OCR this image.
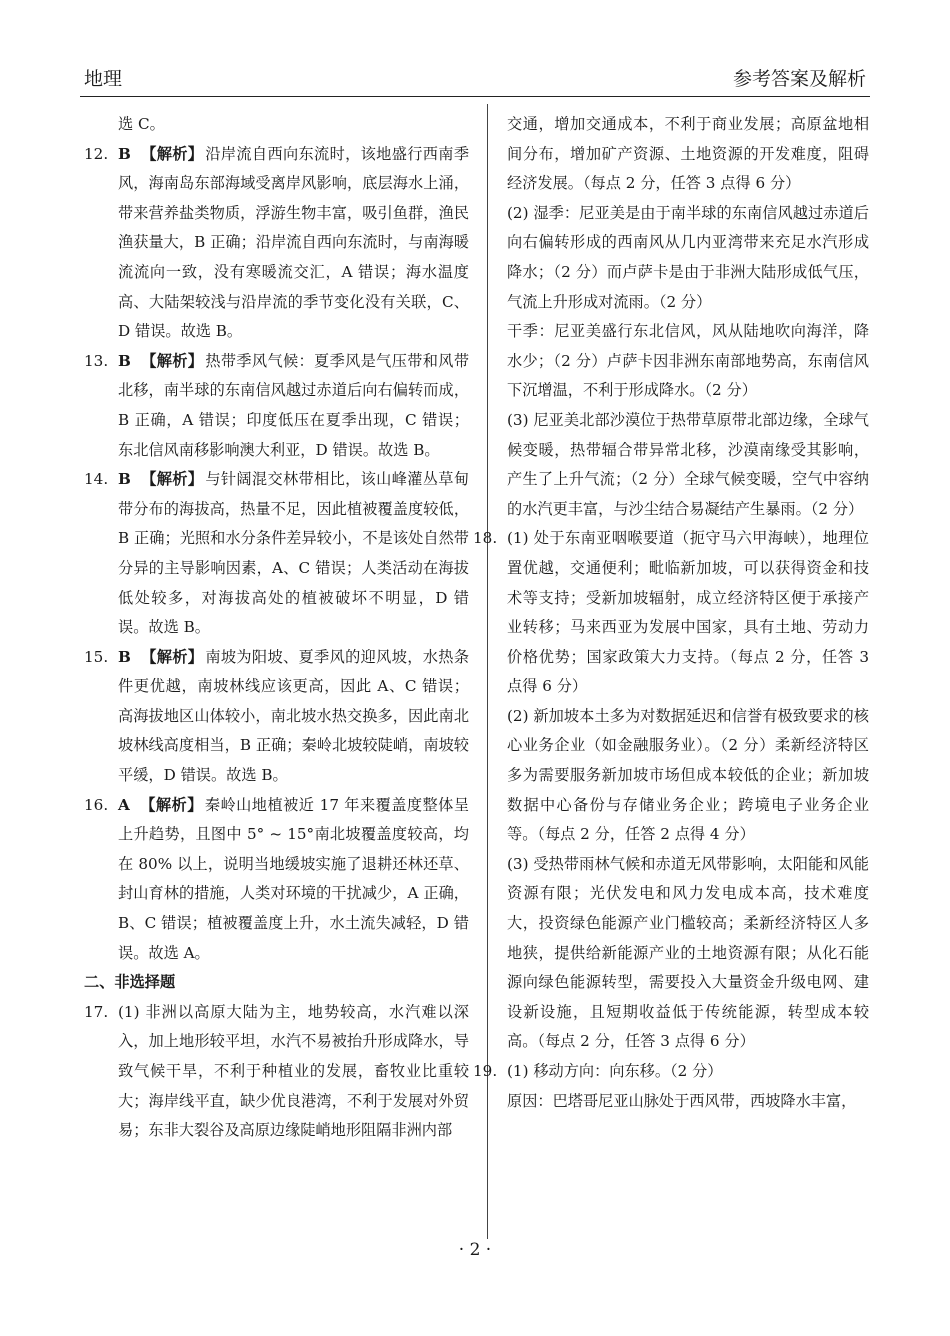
地理	参考答案及解析
选 C。
12. B 【解析】 沿岸流自西向东流时，该地盛行西南季风，海南岛东部海域受离岸风影响，底层海水上涌，带来营养盐类物质，浮游生物丰富，吸引鱼群，渔民渔获量大，B 正确；沿岸流自西向东流时，与南海暖流流向一致，没有寒暖流交汇，A 错误；海水温度高、大陆架较浅与沿岸流的季节变化没有关联，C、D 错误。故选 B。
13. B 【解析】 热带季风气候：夏季风是气压带和风带北移，南半球的东南信风越过赤道后向右偏转而成，B 正确，A 错误；印度低压在夏季出现，C 错误；东北信风南移影响澳大利亚，D 错误。故选 B。
14. B 【解析】 与针阔混交林带相比，该山峰灌丛草甸带分布的海拔高，热量不足，因此植被覆盖度较低，B 正确；光照和水分条件差异较小，不是该处自然带分异的主导影响因素，A、C 错误；人类活动在海拔低处较多，对海拔高处的植被破坏不明显，D 错误。故选 B。
15. B 【解析】 南坡为阳坡、夏季风的迎风坡，水热条件更优越，南坡林线应该更高，因此 A、C 错误；高海拔地区山体较小，南北坡水热交换多，因此南北坡林线高度相当，B 正确；秦岭北坡较陡峭，南坡较平缓，D 错误。故选 B。
16. A 【解析】 秦岭山地植被近 17 年来覆盖度整体呈上升趋势，且图中 5° ~ 15°南北坡覆盖度较高，均在 80% 以上，说明当地缓坡实施了退耕还林还草、封山育林的措施，人类对环境的干扰减少，A 正确，B、C 错误；植被覆盖度上升，水土流失减轻，D 错误。故选 A。
二、非选择题
17. (1) 非洲以高原大陆为主，地势较高，水汽难以深入，加上地形较平坦，水汽不易被抬升形成降水，导致气候干旱，不利于种植业的发展，畜牧业比重较大；海岸线平直，缺少优良港湾，不利于发展对外贸易；东非大裂谷及高原边缘陡峭地形阻隔非洲内部
交通，增加交通成本，不利于商业发展；高原盆地相间分布，增加矿产资源、土地资源的开发难度，阻碍经济发展。（每点 2 分，任答 3 点得 6 分）
(2) 湿季：尼亚美是由于南半球的东南信风越过赤道后向右偏转形成的西南风从几内亚湾带来充足水汽形成降水；（2 分）而卢萨卡是由于非洲大陆形成低气压，气流上升形成对流雨。（2 分）
干季：尼亚美盛行东北信风，风从陆地吹向海洋，降水少；（2 分）卢萨卡因非洲东南部地势高，东南信风下沉增温，不利于形成降水。（2 分）
(3) 尼亚美北部沙漠位于热带草原带北部边缘，全球气候变暖，热带辐合带异常北移，沙漠南缘受其影响，产生了上升气流；（2 分）全球气候变暖，空气中容纳的水汽更丰富，与沙尘结合易凝结产生暴雨。（2 分）
18. (1) 处于东南亚咽喉要道（扼守马六甲海峡），地理位置优越，交通便利；毗临新加坡，可以获得资金和技术等支持；受新加坡辐射，成立经济特区便于承接产业转移；马来西亚为发展中国家，具有土地、劳动力价格优势；国家政策大力支持。（每点 2 分，任答 3 点得 6 分）
(2) 新加坡本土多为对数据延迟和信誉有极致要求的核心业务企业（如金融服务业）。（2 分）柔新经济特区多为需要服务新加坡市场但成本较低的企业；新加坡数据中心备份与存储业务企业；跨境电子业务企业等。（每点 2 分，任答 2 点得 4 分）
(3) 受热带雨林气候和赤道无风带影响，太阳能和风能资源有限；光伏发电和风力发电成本高，技术难度大，投资绿色能源产业门槛较高；柔新经济特区人多地狭，提供给新能源产业的土地资源有限；从化石能源向绿色能源转型，需要投入大量资金升级电网、建设新设施，且短期收益低于传统能源，转型成本较高。（每点 2 分，任答 3 点得 6 分）
19. (1) 移动方向：向东移。（2 分）
原因：巴塔哥尼亚山脉处于西风带，西坡降水丰富，
· 2 ·
